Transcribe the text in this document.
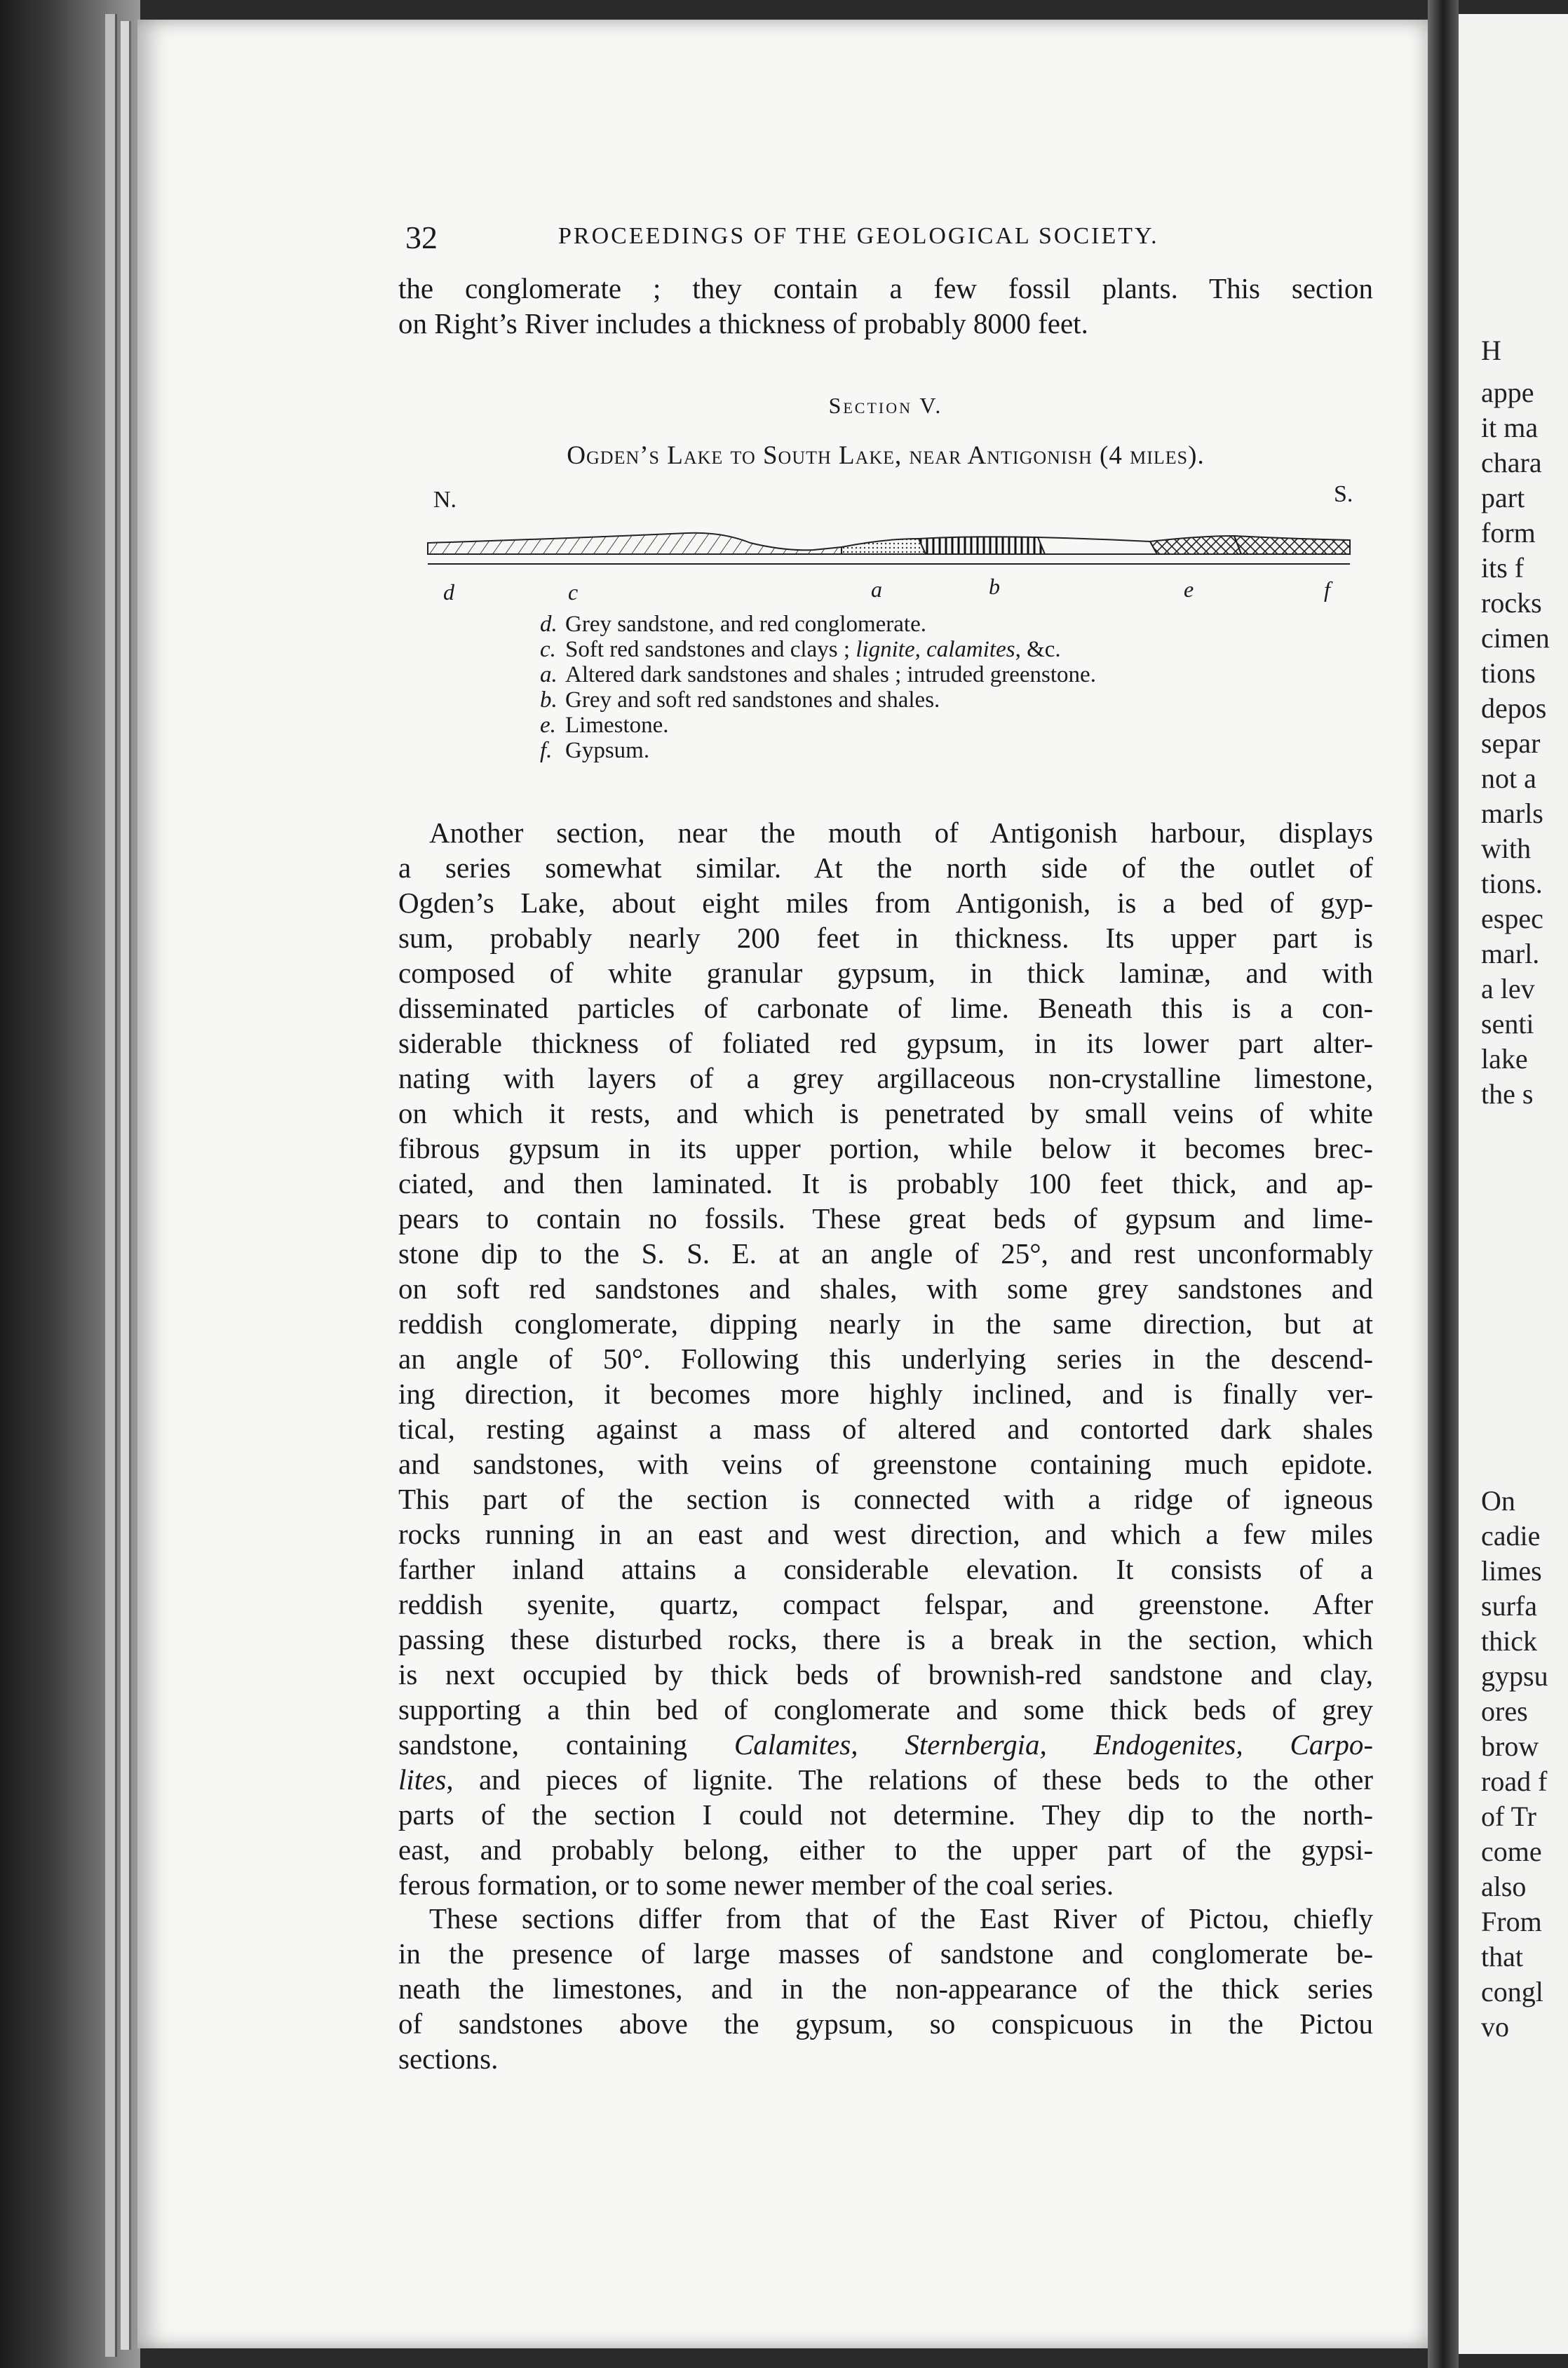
H
appe
it ma
chara
part
form
its f
rocks
cimen
tions
depos
separ
not a
marls
with
tions.
espec
marl.
a lev
senti
lake
the s
On
cadie
limes
surfa
thick
gypsu
ores
brow
road f
of Tr
come
also
From
that
congl
vo
32	PROCEEDINGS OF THE GEOLOGICAL SOCIETY.
the conglomerate ; they contain a few fossil plants. This section
on Right’s River includes a thickness of probably 8000 feet.
Section V.
Ogden’s Lake to South Lake, near Antigonish (4 miles).
N.	S.
d	c	a	b	e	f
d. Grey sandstone, and red conglomerate.
c. Soft red sandstones and clays ; lignite, calamites, &c.
a. Altered dark sandstones and shales ; intruded greenstone.
b. Grey and soft red sandstones and shales.
e. Limestone.
f. Gypsum.
Another section, near the mouth of Antigonish harbour, displays
a series somewhat similar. At the north side of the outlet of
Ogden’s Lake, about eight miles from Antigonish, is a bed of gyp-
sum, probably nearly 200 feet in thickness. Its upper part is
composed of white granular gypsum, in thick laminæ, and with
disseminated particles of carbonate of lime. Beneath this is a con-
siderable thickness of foliated red gypsum, in its lower part alter-
nating with layers of a grey argillaceous non-crystalline limestone,
on which it rests, and which is penetrated by small veins of white
fibrous gypsum in its upper portion, while below it becomes brec-
ciated, and then laminated. It is probably 100 feet thick, and ap-
pears to contain no fossils. These great beds of gypsum and lime-
stone dip to the S. S. E. at an angle of 25°, and rest unconformably
on soft red sandstones and shales, with some grey sandstones and
reddish conglomerate, dipping nearly in the same direction, but at
an angle of 50°. Following this underlying series in the descend-
ing direction, it becomes more highly inclined, and is finally ver-
tical, resting against a mass of altered and contorted dark shales
and sandstones, with veins of greenstone containing much epidote.
This part of the section is connected with a ridge of igneous
rocks running in an east and west direction, and which a few miles
farther inland attains a considerable elevation. It consists of a
reddish syenite, quartz, compact felspar, and greenstone. After
passing these disturbed rocks, there is a break in the section, which
is next occupied by thick beds of brownish-red sandstone and clay,
supporting a thin bed of conglomerate and some thick beds of grey
sandstone, containing Calamites, Sternbergia, Endogenites, Carpo-
lites, and pieces of lignite. The relations of these beds to the other
parts of the section I could not determine. They dip to the north-
east, and probably belong, either to the upper part of the gypsi-
ferous formation, or to some newer member of the coal series.
These sections differ from that of the East River of Pictou, chiefly
in the presence of large masses of sandstone and conglomerate be-
neath the limestones, and in the non-appearance of the thick series
of sandstones above the gypsum, so conspicuous in the Pictou
sections.
